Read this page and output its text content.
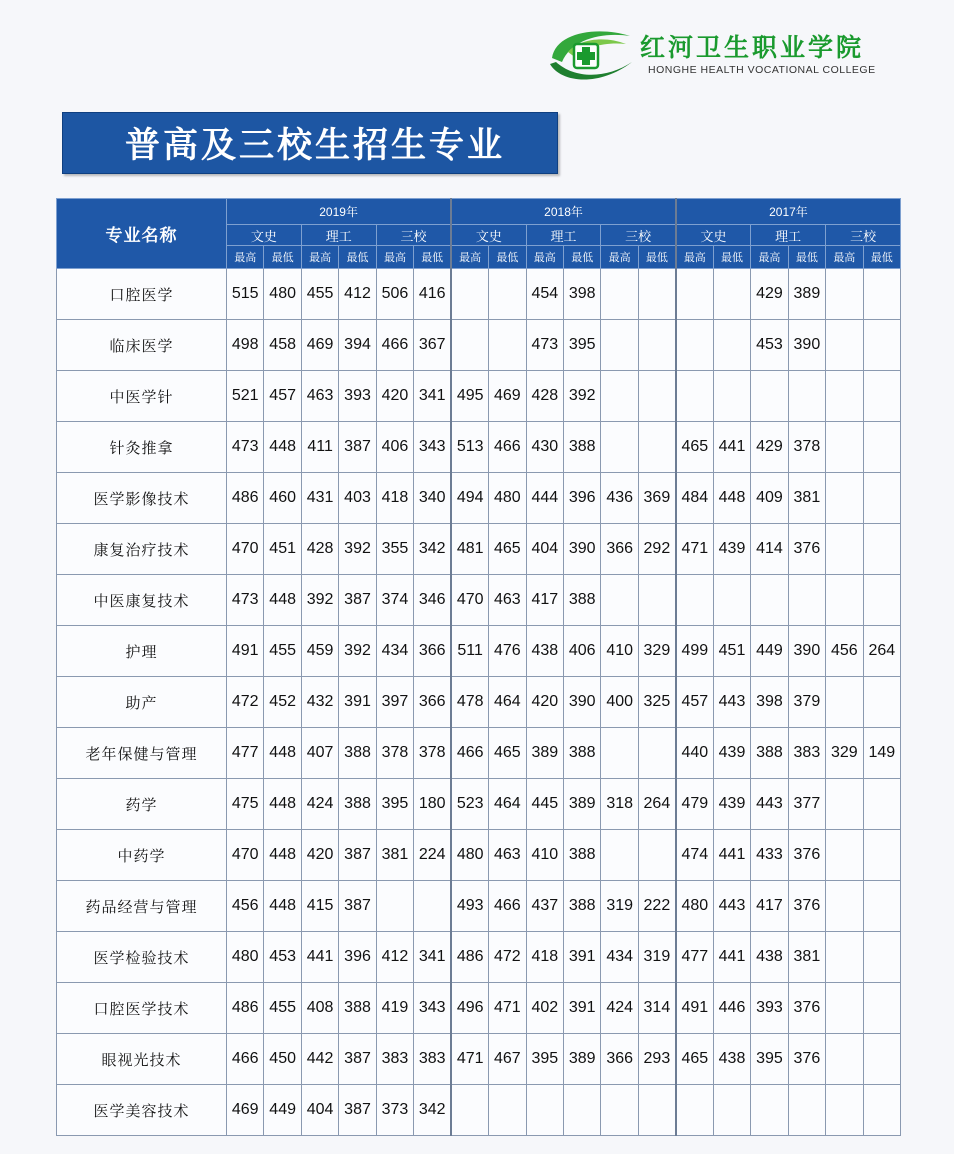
红河卫生职业学院
HONGHE HEALTH VOCATIONAL COLLEGE
普高及三校生招生专业
专业名称	2019年						2018年						2017年					
	文史		理工		三校		文史		理工		三校		文史		理工		三校	
	最高	最低	最高	最低	最高	最低	最高	最低	最高	最低	最高	最低	最高	最低	最高	最低	最高	最低
口腔医学	515	480	455	412	506	416			454	398					429	389		
临床医学	498	458	469	394	466	367			473	395					453	390		
中医学针	521	457	463	393	420	341	495	469	428	392								
针灸推拿	473	448	411	387	406	343	513	466	430	388			465	441	429	378		
医学影像技术	486	460	431	403	418	340	494	480	444	396	436	369	484	448	409	381		
康复治疗技术	470	451	428	392	355	342	481	465	404	390	366	292	471	439	414	376		
中医康复技术	473	448	392	387	374	346	470	463	417	388								
护理	491	455	459	392	434	366	511	476	438	406	410	329	499	451	449	390	456	264
助产	472	452	432	391	397	366	478	464	420	390	400	325	457	443	398	379		
老年保健与管理	477	448	407	388	378	378	466	465	389	388			440	439	388	383	329	149
药学	475	448	424	388	395	180	523	464	445	389	318	264	479	439	443	377		
中药学	470	448	420	387	381	224	480	463	410	388			474	441	433	376		
药品经营与管理	456	448	415	387			493	466	437	388	319	222	480	443	417	376		
医学检验技术	480	453	441	396	412	341	486	472	418	391	434	319	477	441	438	381		
口腔医学技术	486	455	408	388	419	343	496	471	402	391	424	314	491	446	393	376		
眼视光技术	466	450	442	387	383	383	471	467	395	389	366	293	465	438	395	376		
医学美容技术	469	449	404	387	373	342												
